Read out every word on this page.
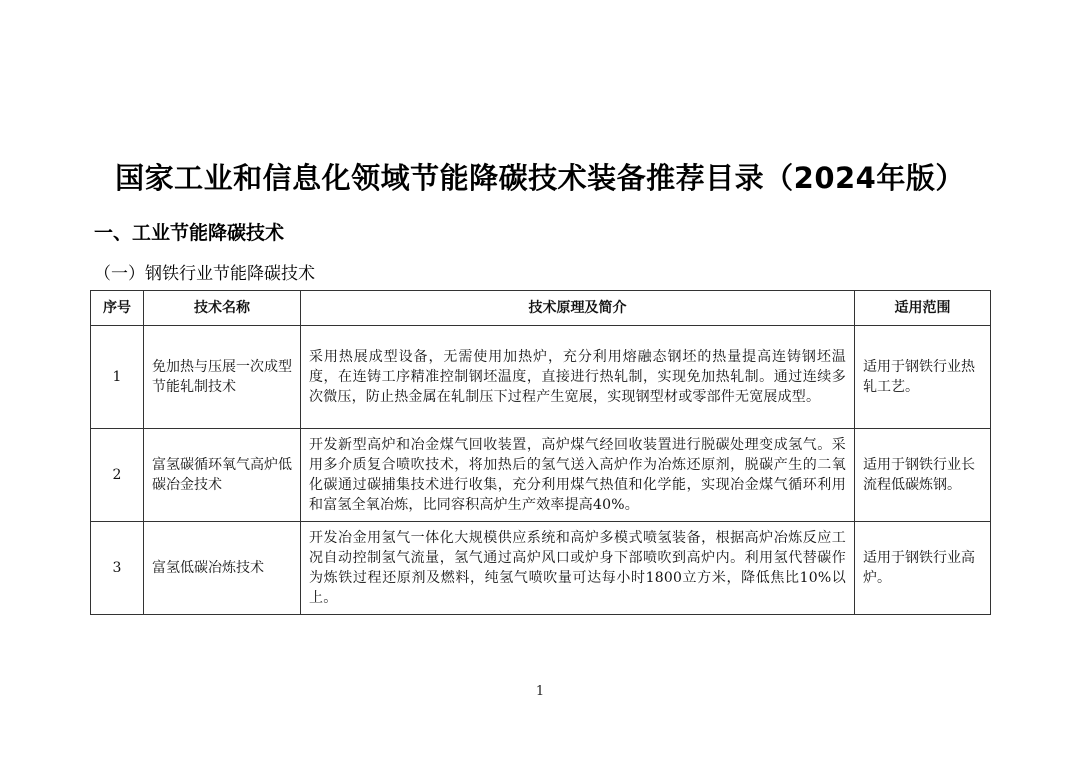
国家工业和信息化领域节能降碳技术装备推荐目录（2024年版）
一、工业节能降碳技术
（一）钢铁行业节能降碳技术
序号	技术名称	技术原理及简介	适用范围
1	免加热与压展一次成型节能轧制技术	采用热展成型设备，无需使用加热炉，充分利用熔融态钢坯的热量提高连铸钢坯温度，在连铸工序精准控制钢坯温度，直接进行热轧制，实现免加热轧制。通过连续多次微压，防止热金属在轧制压下过程产生宽展，实现钢型材或零部件无宽展成型。	适用于钢铁行业热轧工艺。
2	富氢碳循环氧气高炉低碳冶金技术	开发新型高炉和冶金煤气回收装置，高炉煤气经回收装置进行脱碳处理变成氢气。采用多介质复合喷吹技术，将加热后的氢气送入高炉作为冶炼还原剂，脱碳产生的二氧化碳通过碳捕集技术进行收集，充分利用煤气热值和化学能，实现冶金煤气循环利用和富氢全氧冶炼，比同容积高炉生产效率提高40%。	适用于钢铁行业长流程低碳炼钢。
3	富氢低碳冶炼技术	开发冶金用氢气一体化大规模供应系统和高炉多模式喷氢装备，根据高炉冶炼反应工况自动控制氢气流量，氢气通过高炉风口或炉身下部喷吹到高炉内。利用氢代替碳作为炼铁过程还原剂及燃料，纯氢气喷吹量可达每小时1800立方米，降低焦比10%以上。	适用于钢铁行业高炉。
1
